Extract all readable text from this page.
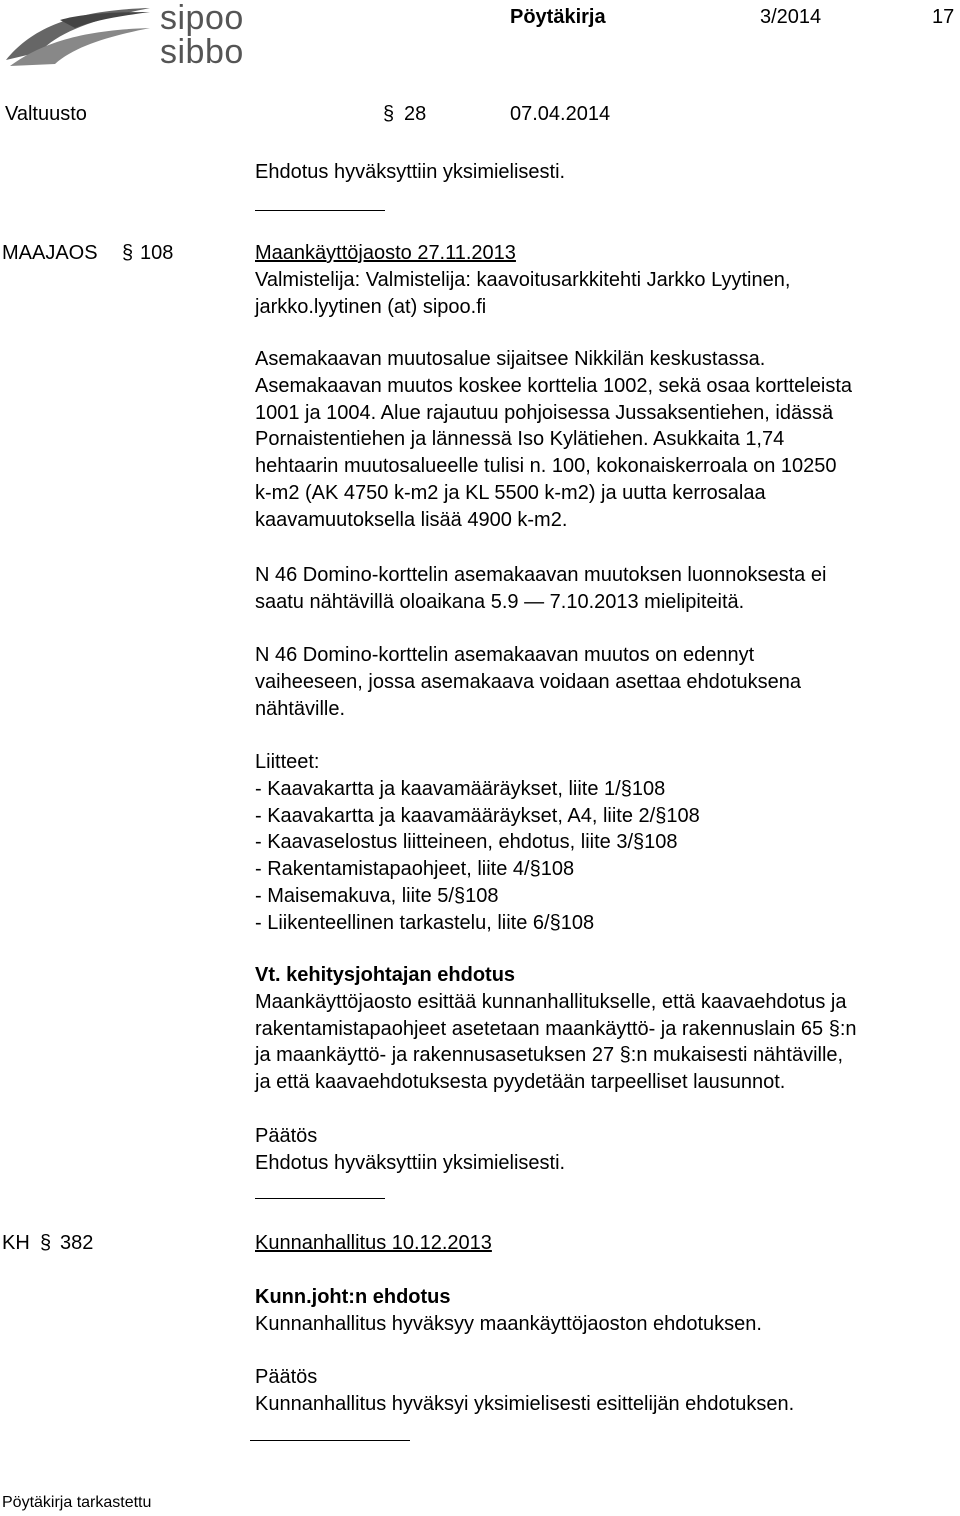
sipoo
sibbo
Pöytäkirja	3/2014	17
Valtuusto	§ 28	07.04.2014
Ehdotus hyväksyttiin yksimielisesti.
MAAJAOS § 108	Maankäyttöjaosto 27.11.2013
Valmistelija: Valmistelija: kaavoitusarkkitehti Jarkko Lyytinen,
jarkko.lyytinen (at) sipoo.fi
Asemakaavan muutosalue sijaitsee Nikkilän keskustassa.
Asemakaavan muutos koskee korttelia 1002, sekä osaa kortteleista
1001 ja 1004. Alue rajautuu pohjoisessa Jussaksentiehen, idässä
Pornaistentiehen ja lännessä Iso Kylätiehen. Asukkaita 1,74
hehtaarin muutosalueelle tulisi n. 100, kokonaiskerroala on 10250
k-m2 (AK 4750 k-m2 ja KL 5500 k-m2) ja uutta kerrosalaa
kaavamuutoksella lisää 4900 k-m2.
N 46 Domino-korttelin asemakaavan muutoksen luonnoksesta ei
saatu nähtävillä oloaikana 5.9 — 7.10.2013 mielipiteitä.
N 46 Domino-korttelin asemakaavan muutos on edennyt
vaiheeseen, jossa asemakaava voidaan asettaa ehdotuksena
nähtäville.
Liitteet:
- Kaavakartta ja kaavamääräykset, liite 1/§108
- Kaavakartta ja kaavamääräykset, A4, liite 2/§108
- Kaavaselostus liitteineen, ehdotus, liite 3/§108
- Rakentamistapaohjeet, liite 4/§108
- Maisemakuva, liite 5/§108
- Liikenteellinen tarkastelu, liite 6/§108
Vt. kehitysjohtajan ehdotus
Maankäyttöjaosto esittää kunnanhallitukselle, että kaavaehdotus ja
rakentamistapaohjeet asetetaan maankäyttö- ja rakennuslain 65 §:n
ja maankäyttö- ja rakennusasetuksen 27 §:n mukaisesti nähtäville,
ja että kaavaehdotuksesta pyydetään tarpeelliset lausunnot.
Päätös
Ehdotus hyväksyttiin yksimielisesti.
KH § 382	Kunnanhallitus 10.12.2013
Kunn.joht:n ehdotus
Kunnanhallitus hyväksyy maankäyttöjaoston ehdotuksen.
Päätös
Kunnanhallitus hyväksyi yksimielisesti esittelijän ehdotuksen.
Pöytäkirja tarkastettu
